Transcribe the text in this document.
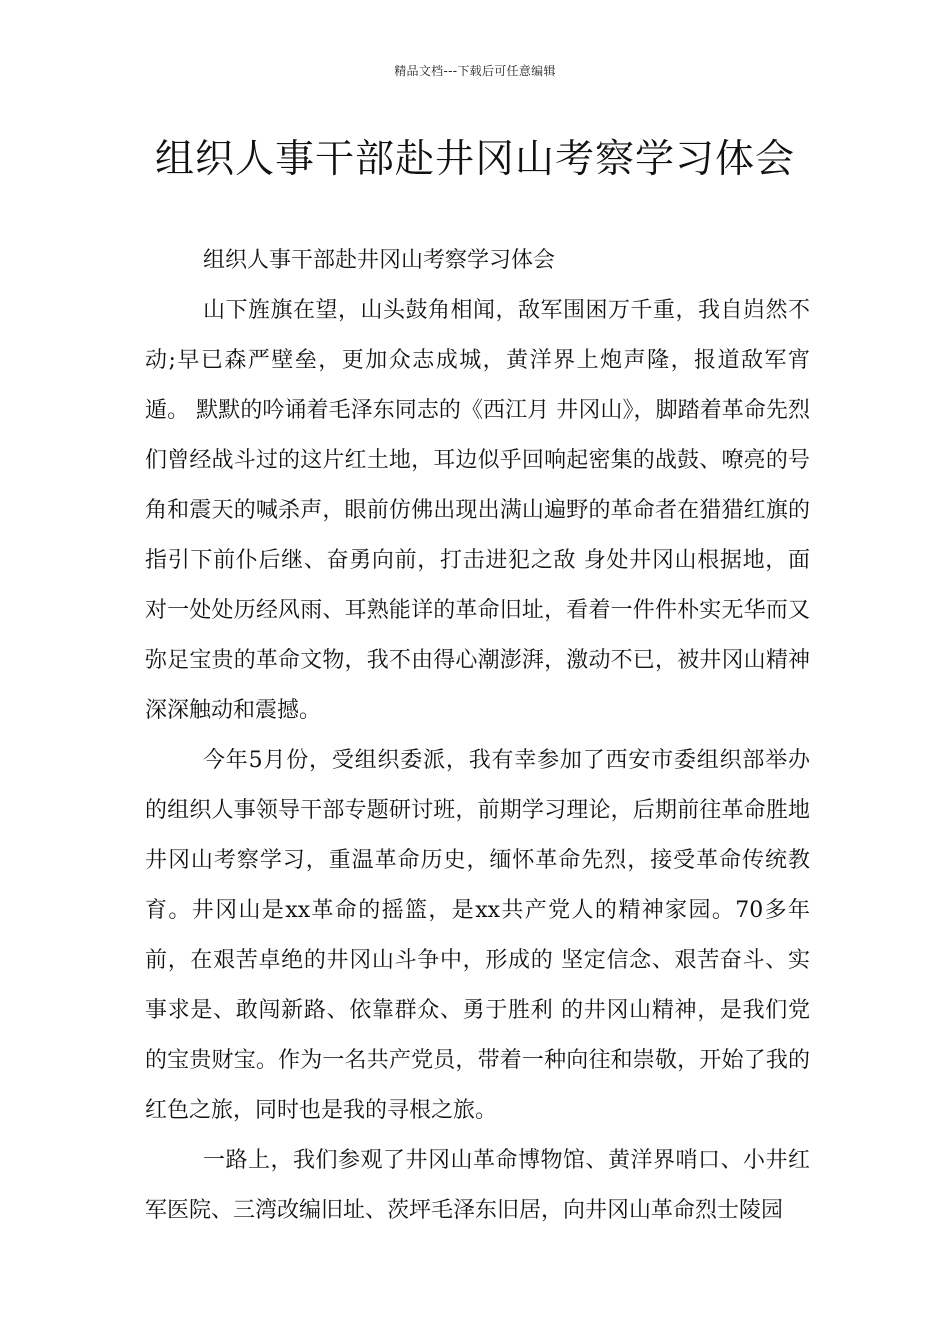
精品文档---下载后可任意编辑
组织人事干部赴井冈山考察学习体会

组织人事干部赴井冈山考察学习体会

山下旌旗在望，山头鼓角相闻，敌军围困万千重，我自岿然不动;早已森严壁垒，更加众志成城，黄洋界上炮声隆，报道敌军宵遁。 默默的吟诵着毛泽东同志的《西江月 井冈山》，脚踏着革命先烈们曾经战斗过的这片红土地，耳边似乎回响起密集的战鼓、嘹亮的号角和震天的喊杀声，眼前仿佛出现出满山遍野的革命者在猎猎红旗的指引下前仆后继、奋勇向前，打击进犯之敌 身处井冈山根据地，面对一处处历经风雨、耳熟能详的革命旧址，看着一件件朴实无华而又弥足宝贵的革命文物，我不由得心潮澎湃，激动不已，被井冈山精神深深触动和震撼。

今年5月份，受组织委派，我有幸参加了西安市委组织部举办的组织人事领导干部专题研讨班，前期学习理论，后期前往革命胜地 井冈山考察学习，重温革命历史，缅怀革命先烈，接受革命传统教育。井冈山是xx革命的摇篮，是xx共产党人的精神家园。70多年前，在艰苦卓绝的井冈山斗争中，形成的 坚定信念、艰苦奋斗、实事求是、敢闯新路、依靠群众、勇于胜利 的井冈山精神，是我们党的宝贵财宝。作为一名共产党员，带着一种向往和崇敬，开始了我的红色之旅，同时也是我的寻根之旅。

一路上，我们参观了井冈山革命博物馆、黄洋界哨口、小井红军医院、三湾改编旧址、茨坪毛泽东旧居，向井冈山革命烈士陵园
